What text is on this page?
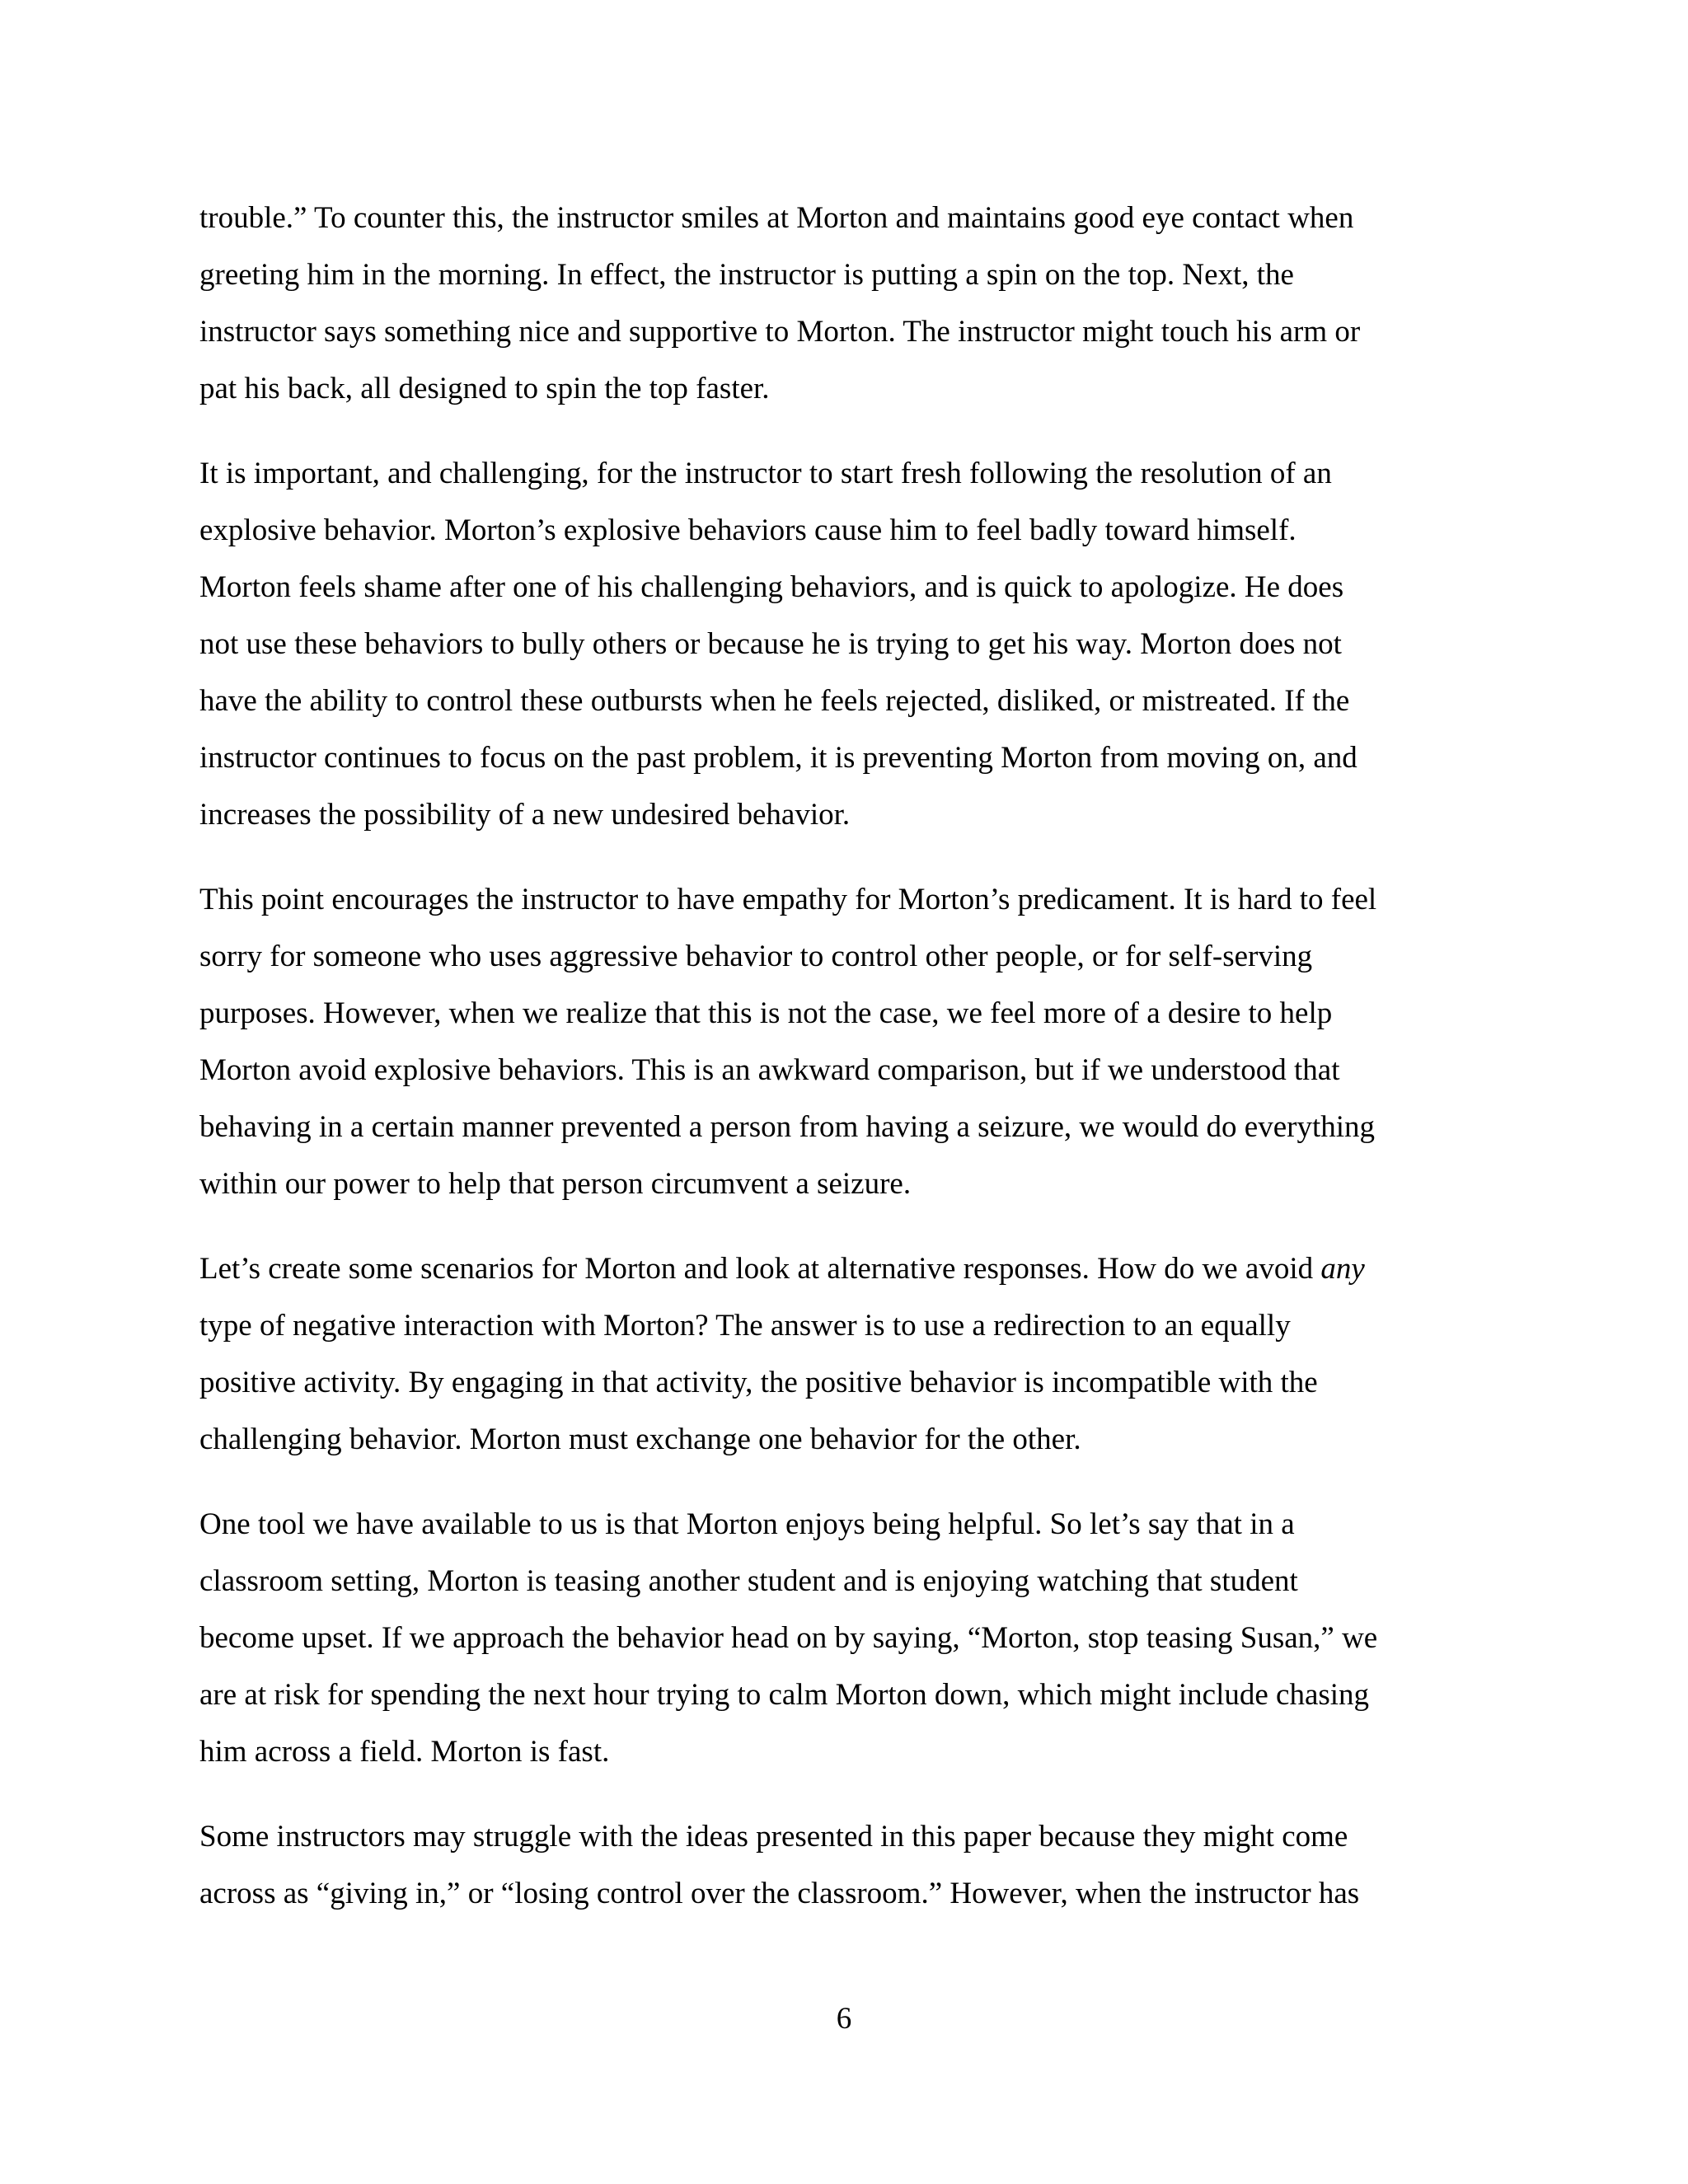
trouble.” To counter this, the instructor smiles at Morton and maintains good eye contact when
greeting him in the morning. In effect, the instructor is putting a spin on the top. Next, the
instructor says something nice and supportive to Morton. The instructor might touch his arm or
pat his back, all designed to spin the top faster.

It is important, and challenging, for the instructor to start fresh following the resolution of an
explosive behavior. Morton’s explosive behaviors cause him to feel badly toward himself.
Morton feels shame after one of his challenging behaviors, and is quick to apologize. He does
not use these behaviors to bully others or because he is trying to get his way. Morton does not
have the ability to control these outbursts when he feels rejected, disliked, or mistreated. If the
instructor continues to focus on the past problem, it is preventing Morton from moving on, and
increases the possibility of a new undesired behavior.

This point encourages the instructor to have empathy for Morton’s predicament. It is hard to feel
sorry for someone who uses aggressive behavior to control other people, or for self-serving
purposes. However, when we realize that this is not the case, we feel more of a desire to help
Morton avoid explosive behaviors. This is an awkward comparison, but if we understood that
behaving in a certain manner prevented a person from having a seizure, we would do everything
within our power to help that person circumvent a seizure.

Let’s create some scenarios for Morton and look at alternative responses. How do we avoid any
type of negative interaction with Morton? The answer is to use a redirection to an equally
positive activity. By engaging in that activity, the positive behavior is incompatible with the
challenging behavior. Morton must exchange one behavior for the other.

One tool we have available to us is that Morton enjoys being helpful. So let’s say that in a
classroom setting, Morton is teasing another student and is enjoying watching that student
become upset. If we approach the behavior head on by saying, “Morton, stop teasing Susan,” we
are at risk for spending the next hour trying to calm Morton down, which might include chasing
him across a field. Morton is fast.

Some instructors may struggle with the ideas presented in this paper because they might come
across as “giving in,” or “losing control over the classroom.” However, when the instructor has

6
